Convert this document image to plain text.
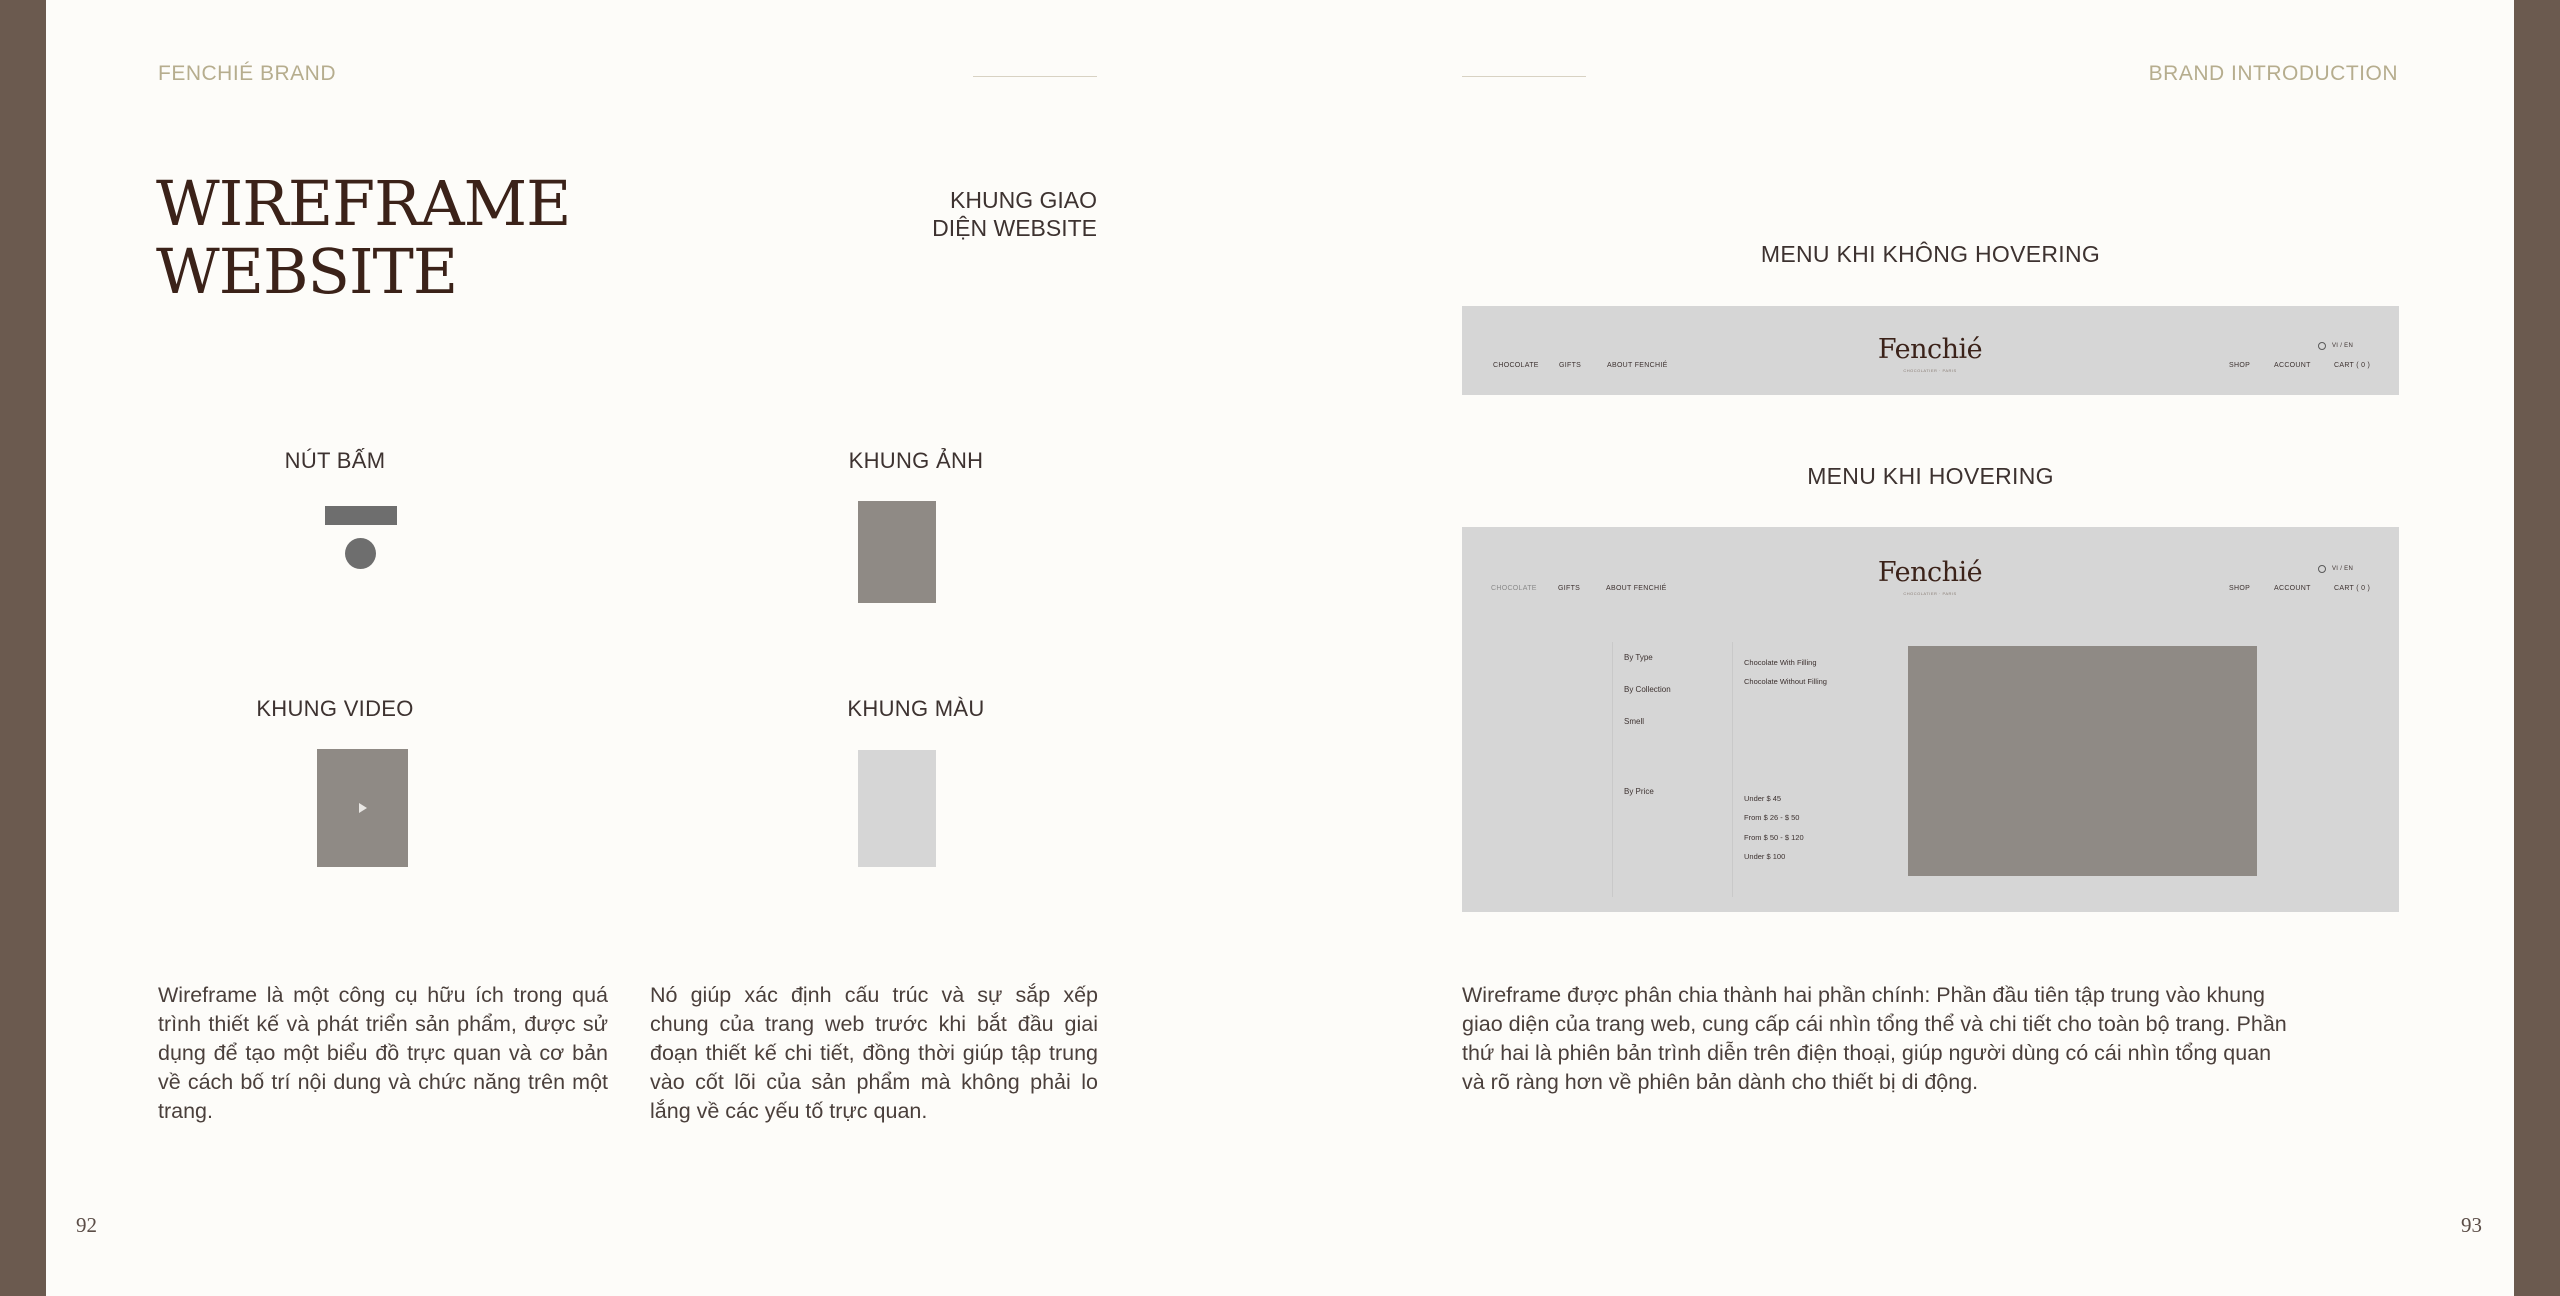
FENCHIÉ BRAND
WIREFRAME
WEBSITE
KHUNG GIAO
DIỆN WEBSITE
NÚT BẤM	KHUNG ẢNH
KHUNG VIDEO	KHUNG MÀU
Wireframe là một công cụ hữu ích trong quá trình thiết kế và phát triển sản phẩm, được sử dụng để tạo một biểu đồ trực quan và cơ bản về cách bố trí nội dung và chức năng trên một trang.
Nó giúp xác định cấu trúc và sự sắp xếp chung của trang web trước khi bắt đầu giai đoạn thiết kế chi tiết, đồng thời giúp tập trung vào cốt lõi của sản phẩm mà không phải lo lắng về các yếu tố trực quan.
92
BRAND INTRODUCTION
MENU KHI KHÔNG HOVERING
CHOCOLATE	GIFTS	ABOUT FENCHIÉ
Fenchié
CHOCOLATIER · PARIS
VI / EN
SHOP	ACCOUNT	CART ( 0 )
MENU KHI HOVERING
CHOCOLATE	GIFTS	ABOUT FENCHIÉ
Fenchié
CHOCOLATIER · PARIS
VI / EN
SHOP	ACCOUNT	CART ( 0 )
By Type
By Collection
Smell
By Price
Chocolate With Filling
Chocolate Without Filling
Under $ 45
From $ 26 - $ 50
From $ 50 - $ 120
Under $ 100
Wireframe được phân chia thành hai phần chính: Phần đầu tiên tập trung vào khung giao diện của trang web, cung cấp cái nhìn tổng thể và chi tiết cho toàn bộ trang. Phần thứ hai là phiên bản trình diễn trên điện thoại, giúp người dùng có cái nhìn tổng quan và rõ ràng hơn về phiên bản dành cho thiết bị di động.
93
